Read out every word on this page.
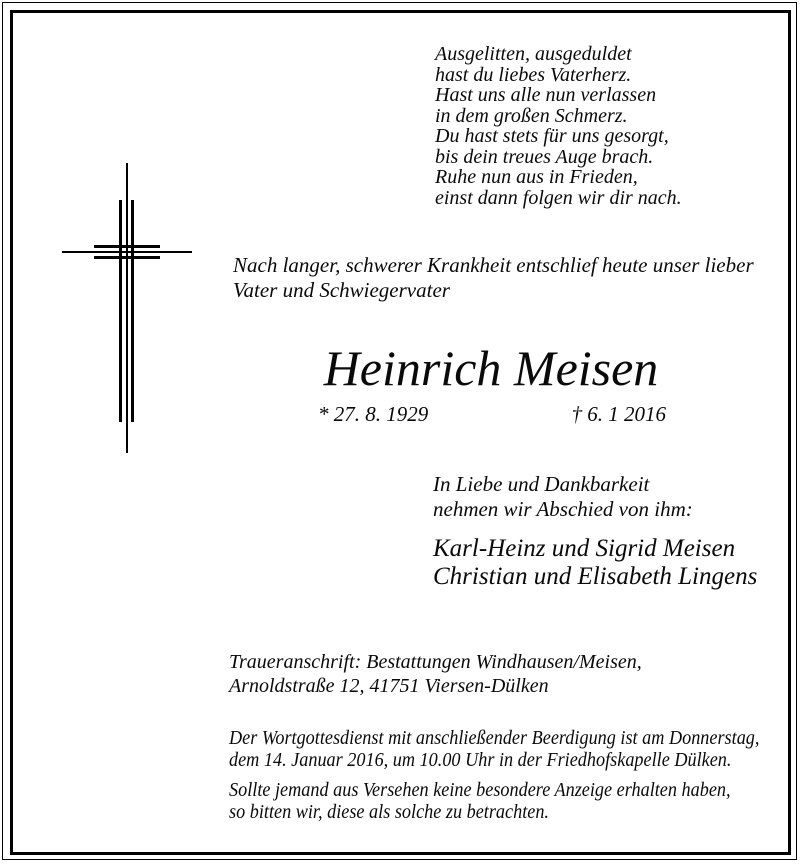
Ausgelitten, ausgeduldet
hast du liebes Vaterherz.
Hast uns alle nun verlassen
in dem großen Schmerz.
Du hast stets für uns gesorgt,
bis dein treues Auge brach.
Ruhe nun aus in Frieden,
einst dann folgen wir dir nach.
Nach langer, schwerer Krankheit entschlief heute unser lieber
Vater und Schwiegervater
Heinrich Meisen
* 27. 8. 1929	† 6. 1 2016
In Liebe und Dankbarkeit
nehmen wir Abschied von ihm:
Karl-Heinz und Sigrid Meisen
Christian und Elisabeth Lingens
Traueranschrift: Bestattungen Windhausen/Meisen,
Arnoldstraße 12, 41751 Viersen-Dülken
Der Wortgottesdienst mit anschließender Beerdigung ist am Donnerstag,
dem 14. Januar 2016, um 10.00 Uhr in der Friedhofskapelle Dülken.
Sollte jemand aus Versehen keine besondere Anzeige erhalten haben,
so bitten wir, diese als solche zu betrachten.
